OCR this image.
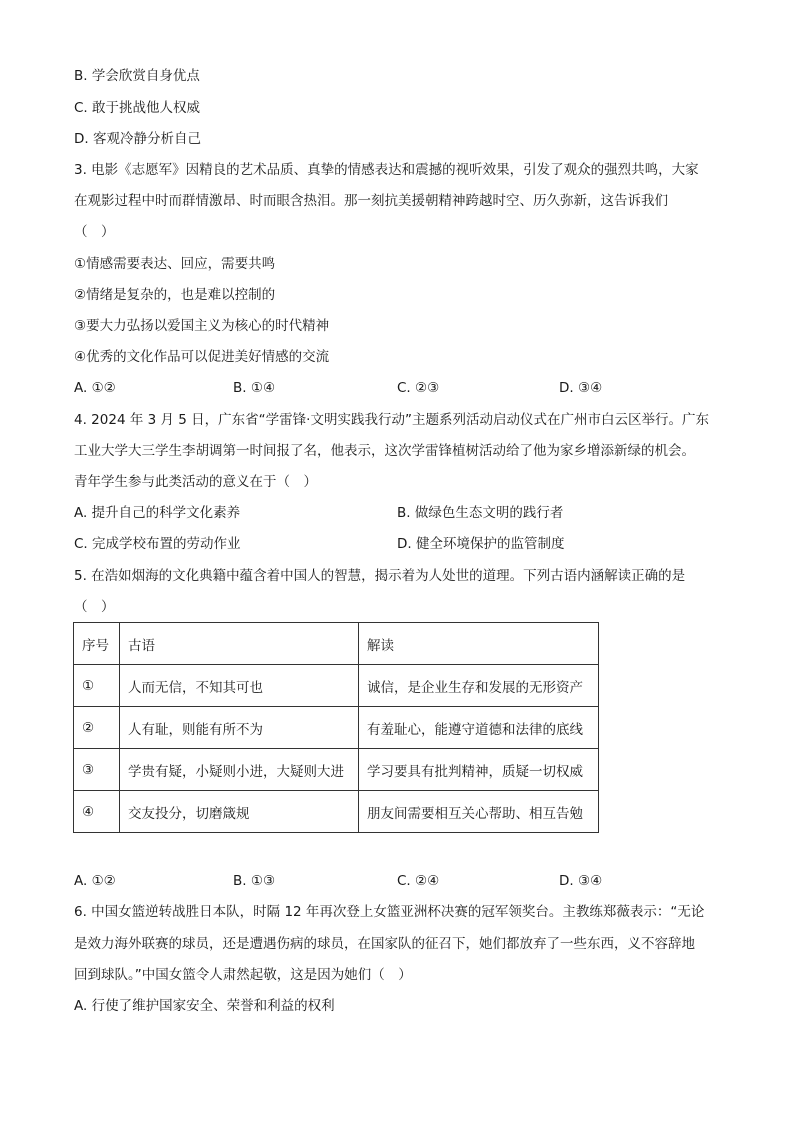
B. 学会欣赏自身优点
C. 敢于挑战他人权威
D. 客观冷静分析自己
3. 电影《志愿军》因精良的艺术品质、真挚的情感表达和震撼的视听效果，引发了观众的强烈共鸣，大家
在观影过程中时而群情激昂、时而眼含热泪。那一刻抗美援朝精神跨越时空、历久弥新，这告诉我们
（　）
①情感需要表达、回应，需要共鸣
②情绪是复杂的，也是难以控制的
③要大力弘扬以爱国主义为核心的时代精神
④优秀的文化作品可以促进美好情感的交流
A. ①②	B. ①④	C. ②③	D. ③④
4. 2024 年 3 月 5 日，广东省“学雷锋·文明实践我行动”主题系列活动启动仪式在广州市白云区举行。广东
工业大学大三学生李胡调第一时间报了名，他表示，这次学雷锋植树活动给了他为家乡增添新绿的机会。
青年学生参与此类活动的意义在于（　）
A. 提升自己的科学文化素养	B. 做绿色生态文明的践行者
C. 完成学校布置的劳动作业	D. 健全环境保护的监管制度
5. 在浩如烟海的文化典籍中蕴含着中国人的智慧，揭示着为人处世的道理。下列古语内涵解读正确的是
（　）
序号	古语	解读
①	人而无信，不知其可也	诚信，是企业生存和发展的无形资产
②	人有耻，则能有所不为	有羞耻心，能遵守道德和法律的底线
③	学贵有疑，小疑则小进，大疑则大进	学习要具有批判精神，质疑一切权威
④	交友投分，切磨箴规	朋友间需要相互关心帮助、相互告勉
A. ①②	B. ①③	C. ②④	D. ③④
6. 中国女篮逆转战胜日本队，时隔 12 年再次登上女篮亚洲杯决赛的冠军领奖台。主教练郑薇表示：“无论
是效力海外联赛的球员，还是遭遇伤病的球员，在国家队的征召下，她们都放弃了一些东西，义不容辞地
回到球队。”中国女篮令人肃然起敬，这是因为她们（　）
A. 行使了维护国家安全、荣誉和利益的权利
